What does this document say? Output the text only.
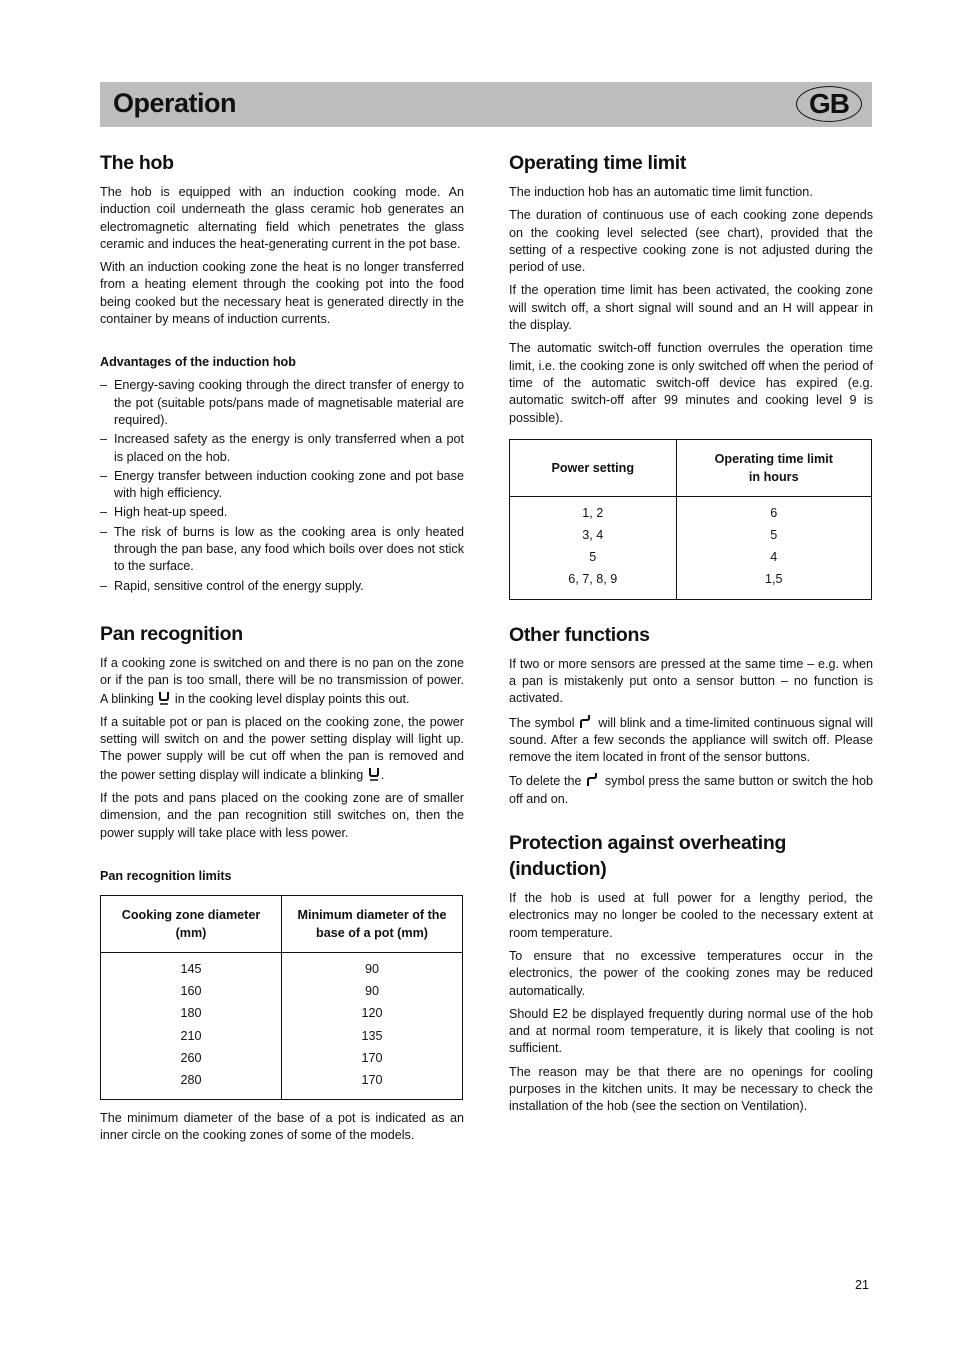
Operation	GB
The hob

The hob is equipped with an induction cooking mode. An induction coil underneath the glass ceramic hob generates an electromagnetic alternating field which penetrates the glass ceramic and induces the heat-generating current in the pot base.

With an induction cooking zone the heat is no longer transferred from a heating element through the cooking pot into the food being cooked but the necessary heat is generated directly in the container by means of induction currents.

Advantages of the induction hob
– Energy-saving cooking through the direct transfer of energy to the pot (suitable pots/pans made of magnetisable material are required).
– Increased safety as the energy is only transferred when a pot is placed on the hob.
– Energy transfer between induction cooking zone and pot base with high efficiency.
– High heat-up speed.
– The risk of burns is low as the cooking area is only heated through the pan base, any food which boils over does not stick to the surface.
– Rapid, sensitive control of the energy supply.
Pan recognition

If a cooking zone is switched on and there is no pan on the zone or if the pan is too small, there will be no transmission of power. A blinking in the cooking level display points this out.

If a suitable pot or pan is placed on the cooking zone, the power setting will switch on and the power setting display will light up. The power supply will be cut off when the pan is removed and the power setting display will indicate a blinking .

If the pots and pans placed on the cooking zone are of smaller dimension, and the pan recognition still switches on, then the power supply will take place with less power.

Pan recognition limits
Cooking zone diameter (mm)	Minimum diameter of the base of a pot (mm)
145	90
160	90
180	120
210	135
260	170
280	170

The minimum diameter of the base of a pot is indicated as an inner circle on the cooking zones of some of the models.

Operating time limit

The induction hob has an automatic time limit function.

The duration of continuous use of each cooking zone depends on the cooking level selected (see chart), provided that the setting of a respective cooking zone is not adjusted during the period of use.

If the operation time limit has been activated, the cooking zone will switch off, a short signal will sound and an H will appear in the display.

The automatic switch-off function overrules the operation time limit, i.e. the cooking zone is only switched off when the period of time of the automatic switch-off device has expired (e.g. automatic switch-off after 99 minutes and cooking level 9 is possible).

Power setting	Operating time limit
in hours
1, 2	6
3, 4	5
5	4
6, 7, 8, 9	1,5
Other functions

If two or more sensors are pressed at the same time – e.g. when a pan is mistakenly put onto a sensor button – no function is activated.

The symbol will blink and a time-limited continuous signal will sound. After a few seconds the appliance will switch off. Please remove the item located in front of the sensor buttons.

To delete the symbol press the same button or switch the hob off and on.

Protection against overheating
(induction)

If the hob is used at full power for a lengthy period, the electronics may no longer be cooled to the necessary extent at room temperature.

To ensure that no excessive temperatures occur in the electronics, the power of the cooking zones may be reduced automatically.

Should E2 be displayed frequently during normal use of the hob and at normal room temperature, it is likely that cooling is not sufficient.

The reason may be that there are no openings for cooling purposes in the kitchen units. It may be necessary to check the installation of the hob (see the section on Ventilation).

21
